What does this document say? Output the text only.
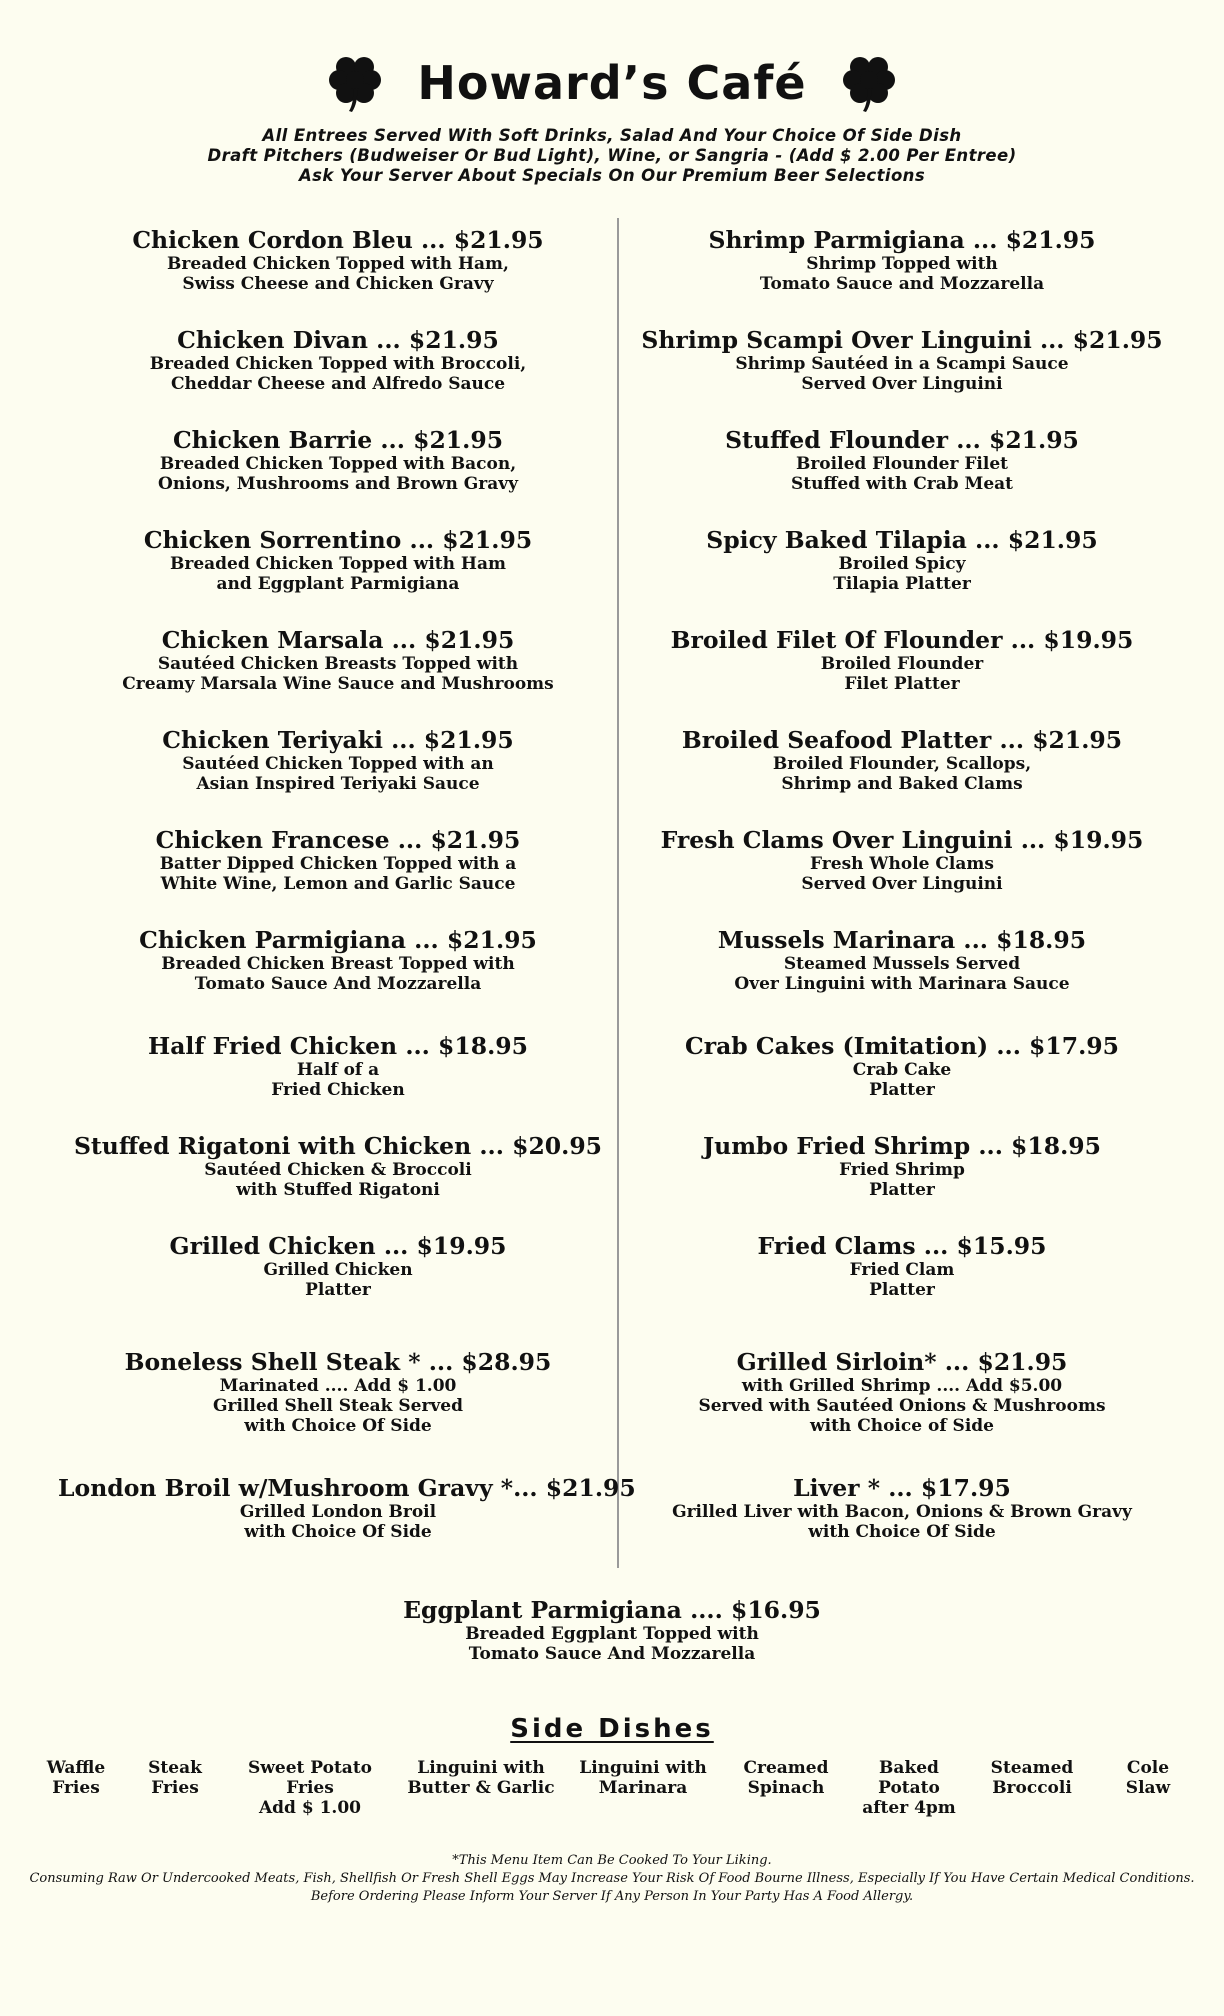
Howard’s Café
All Entrees Served With Soft Drinks, Salad And Your Choice Of Side Dish
Draft Pitchers (Budweiser Or Bud Light), Wine, or Sangria - (Add $ 2.00 Per Entree)
Ask Your Server About Specials On Our Premium Beer Selections
Chicken Cordon Bleu ... $21.95
Breaded Chicken Topped with Ham,
Swiss Cheese and Chicken Gravy
Chicken Divan ... $21.95
Breaded Chicken Topped with Broccoli,
Cheddar Cheese and Alfredo Sauce
Chicken Barrie ... $21.95
Breaded Chicken Topped with Bacon,
Onions, Mushrooms and Brown Gravy
Chicken Sorrentino ... $21.95
Breaded Chicken Topped with Ham
and Eggplant Parmigiana
Chicken Marsala ... $21.95
Sautéed Chicken Breasts Topped with
Creamy Marsala Wine Sauce and Mushrooms
Chicken Teriyaki ... $21.95
Sautéed Chicken Topped with an
Asian Inspired Teriyaki Sauce
Chicken Francese ... $21.95
Batter Dipped Chicken Topped with a
White Wine, Lemon and Garlic Sauce
Chicken Parmigiana ... $21.95
Breaded Chicken Breast Topped with
Tomato Sauce And Mozzarella
Half Fried Chicken ... $18.95
Half of a
Fried Chicken
Stuffed Rigatoni with Chicken ... $20.95
Sautéed Chicken & Broccoli
with Stuffed Rigatoni
Grilled Chicken ... $19.95
Grilled Chicken
Platter
Boneless Shell Steak * ... $28.95
Marinated .... Add $ 1.00
Grilled Shell Steak Served
with Choice Of Side
London Broil w/Mushroom Gravy *... $21.95
Grilled London Broil
with Choice Of Side
Shrimp Parmigiana ... $21.95
Shrimp Topped with
Tomato Sauce and Mozzarella
Shrimp Scampi Over Linguini ... $21.95
Shrimp Sautéed in a Scampi Sauce
Served Over Linguini
Stuffed Flounder ... $21.95
Broiled Flounder Filet
Stuffed with Crab Meat
Spicy Baked Tilapia ... $21.95
Broiled Spicy
Tilapia Platter
Broiled Filet Of Flounder ... $19.95
Broiled Flounder
Filet Platter
Broiled Seafood Platter ... $21.95
Broiled Flounder, Scallops,
Shrimp and Baked Clams
Fresh Clams Over Linguini ... $19.95
Fresh Whole Clams
Served Over Linguini
Mussels Marinara ... $18.95
Steamed Mussels Served
Over Linguini with Marinara Sauce
Crab Cakes (Imitation) ... $17.95
Crab Cake
Platter
Jumbo Fried Shrimp ... $18.95
Fried Shrimp
Platter
Fried Clams ... $15.95
Fried Clam
Platter
Grilled Sirloin* ... $21.95
with Grilled Shrimp .... Add $5.00
Served with Sautéed Onions & Mushrooms
with Choice of Side
Liver * ... $17.95
Grilled Liver with Bacon, Onions & Brown Gravy
with Choice Of Side
Eggplant Parmigiana .... $16.95
Breaded Eggplant Topped with
Tomato Sauce And Mozzarella
Side Dishes
Waffle
Fries
Steak
Fries
Sweet Potato
Fries
Add $ 1.00
Linguini with
Butter & Garlic
Linguini with
Marinara
Creamed
Spinach
Baked
Potato
after 4pm
Steamed
Broccoli
Cole
Slaw
*This Menu Item Can Be Cooked To Your Liking.
Consuming Raw Or Undercooked Meats, Fish, Shellfish Or Fresh Shell Eggs May Increase Your Risk Of Food Bourne Illness, Especially If You Have Certain Medical Conditions.
Before Ordering Please Inform Your Server If Any Person In Your Party Has A Food Allergy.
